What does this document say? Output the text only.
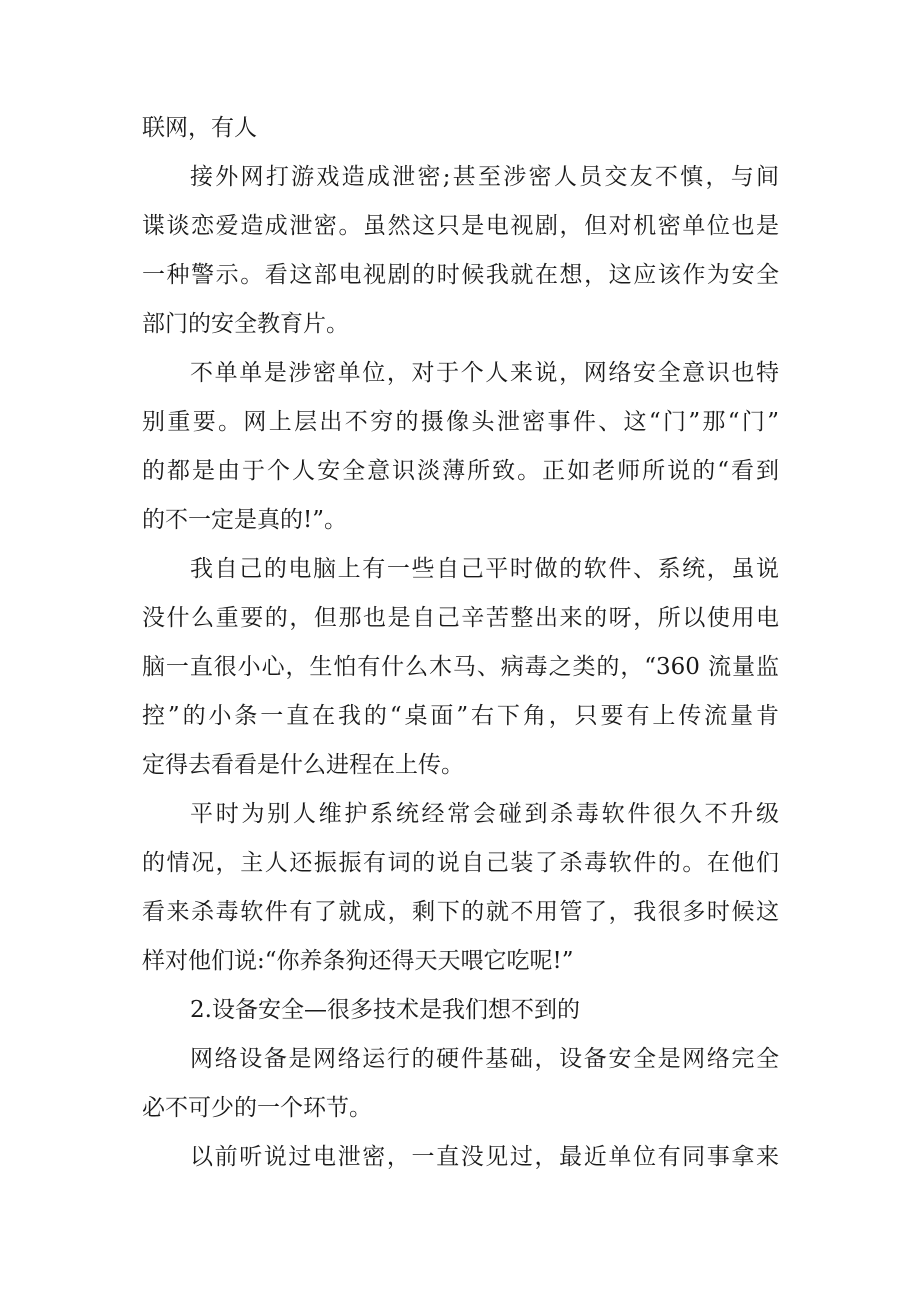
联网，有人

接外网打游戏造成泄密;甚至涉密人员交友不慎，与间

谍谈恋爱造成泄密。虽然这只是电视剧，但对机密单位也是

一种警示。看这部电视剧的时候我就在想，这应该作为安全

部门的安全教育片。

不单单是涉密单位，对于个人来说，网络安全意识也特

别重要。网上层出不穷的摄像头泄密事件、这“门”那“门”

的都是由于个人安全意识淡薄所致。正如老师所说的“看到

的不一定是真的!”。

我自己的电脑上有一些自己平时做的软件、系统，虽说

没什么重要的，但那也是自己辛苦整出来的呀，所以使用电

脑一直很小心，生怕有什么木马、病毒之类的，“360 流量监

控”的小条一直在我的“桌面”右下角，只要有上传流量肯

定得去看看是什么进程在上传。

平时为别人维护系统经常会碰到杀毒软件很久不升级

的情况，主人还振振有词的说自己装了杀毒软件的。在他们

看来杀毒软件有了就成，剩下的就不用管了，我很多时候这

样对他们说:“你养条狗还得天天喂它吃呢!”

2.设备安全—很多技术是我们想不到的

网络设备是网络运行的硬件基础，设备安全是网络完全

必不可少的一个环节。

以前听说过电泄密，一直没见过，最近单位有同事拿来
